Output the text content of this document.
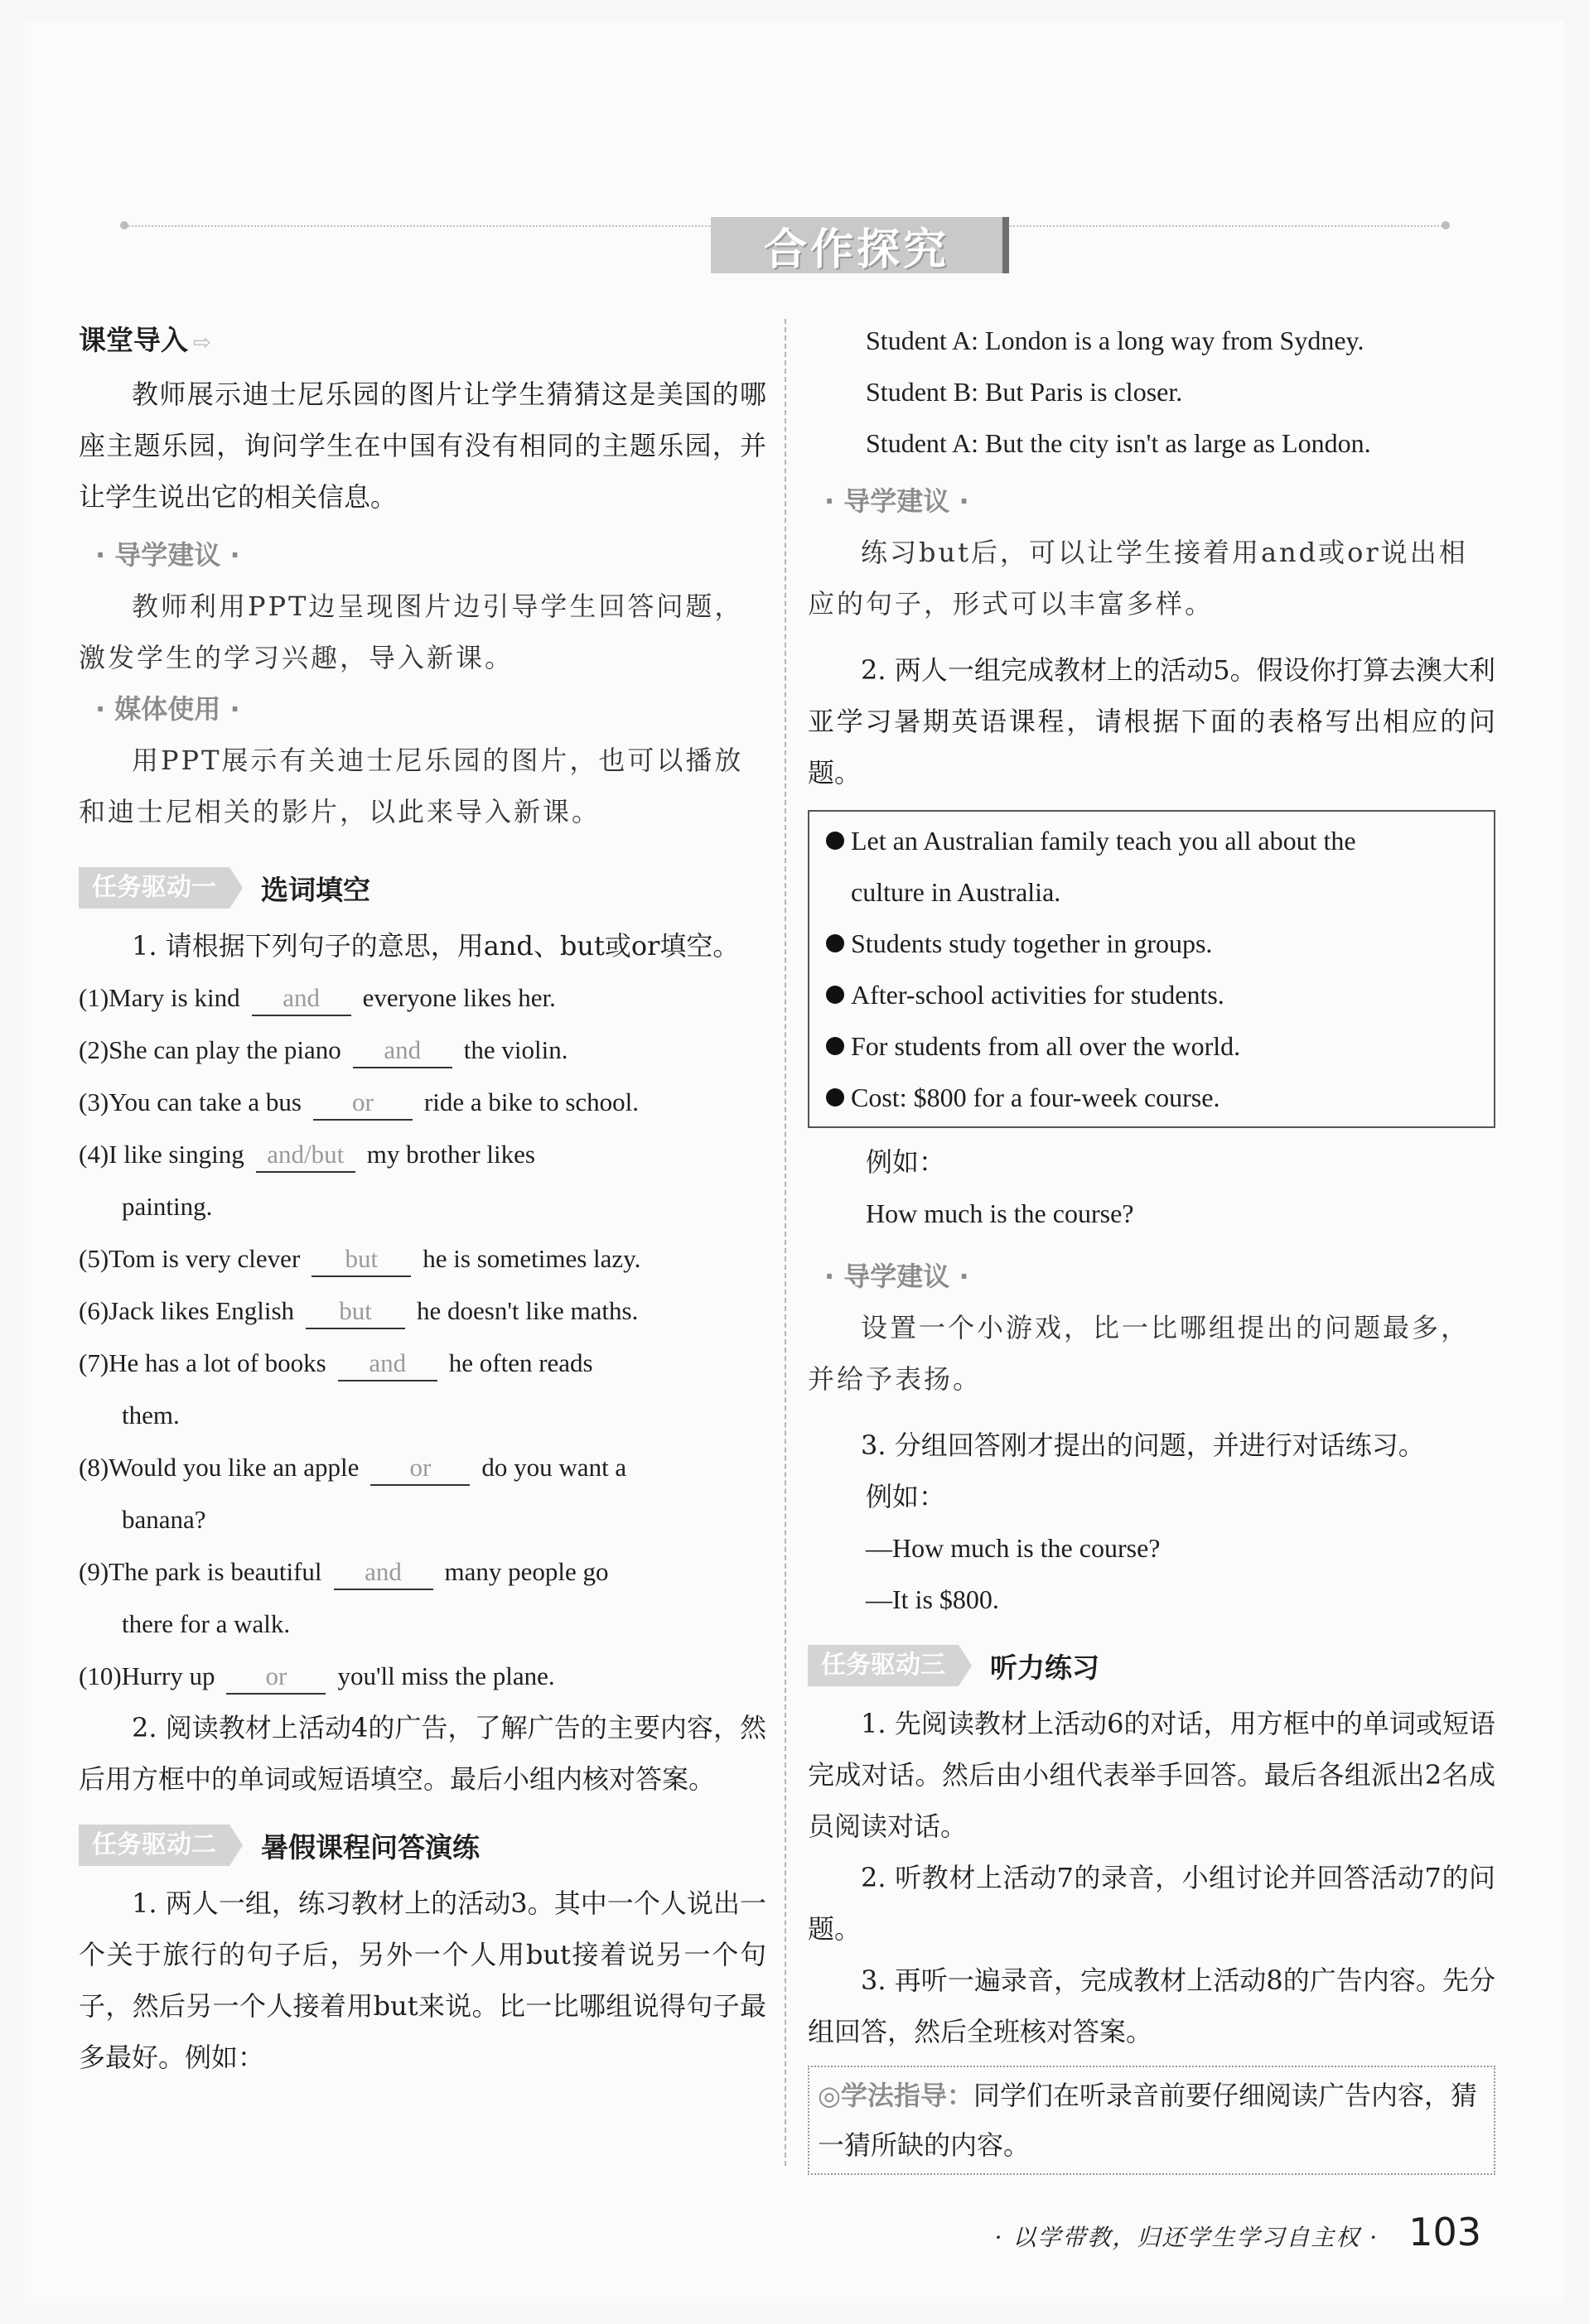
合作探究

课堂导入 ⇨

教师展示迪士尼乐园的图片让学生猜猜这是美国的哪座主题乐园，询问学生在中国有没有相同的主题乐园，并让学生说出它的相关信息。

· 导学建议 ·

教师利用PPT边呈现图片边引导学生回答问题，激发学生的学习兴趣，导入新课。

· 媒体使用 ·

用PPT展示有关迪士尼乐园的图片，也可以播放和迪士尼相关的影片，以此来导入新课。

任务驱动一	选词填空

1. 请根据下列句子的意思，用and、but或or填空。

(1)Mary is kind and everyone likes her.

(2)She can play the piano and the violin.

(3)You can take a bus or ride a bike to school.

(4)I like singing and/but my brother likes
painting.

(5)Tom is very clever but he is sometimes lazy.

(6)Jack likes English but he doesn't like maths.

(7)He has a lot of books and he often reads
them.

(8)Would you like an apple or do you want a
banana?

(9)The park is beautiful and many people go
there for a walk.

(10)Hurry up or you'll miss the plane.

2. 阅读教材上活动4的广告，了解广告的主要内容，然后用方框中的单词或短语填空。最后小组内核对答案。

任务驱动二	暑假课程问答演练

1. 两人一组，练习教材上的活动3。其中一个人说出一个关于旅行的句子后，另外一个人用but接着说另一个句子，然后另一个人接着用but来说。比一比哪组说得句子最多最好。例如：

Student A: London is a long way from Sydney.

Student B: But Paris is closer.

Student A: But the city isn't as large as London.

· 导学建议 ·

练习but后，可以让学生接着用and或or说出相应的句子，形式可以丰富多样。

2. 两人一组完成教材上的活动5。假设你打算去澳大利亚学习暑期英语课程，请根据下面的表格写出相应的问题。

Let an Australian family teach you all about the
culture in Australia.
Students study together in groups.
After-school activities for students.
For students from all over the world.
Cost: $800 for a four-week course.

例如：

How much is the course?

· 导学建议 ·

设置一个小游戏，比一比哪组提出的问题最多，并给予表扬。

3. 分组回答刚才提出的问题，并进行对话练习。

例如：

—How much is the course?

—It is $800.

任务驱动三	听力练习

1. 先阅读教材上活动6的对话，用方框中的单词或短语完成对话。然后由小组代表举手回答。最后各组派出2名成员阅读对话。

2. 听教材上活动7的录音，小组讨论并回答活动7的问题。

3. 再听一遍录音，完成教材上活动8的广告内容。先分组回答，然后全班核对答案。

◎学法指导：同学们在听录音前要仔细阅读广告内容，猜一猜所缺的内容。
· 以学带教，归还学生学习自主权 · 103
